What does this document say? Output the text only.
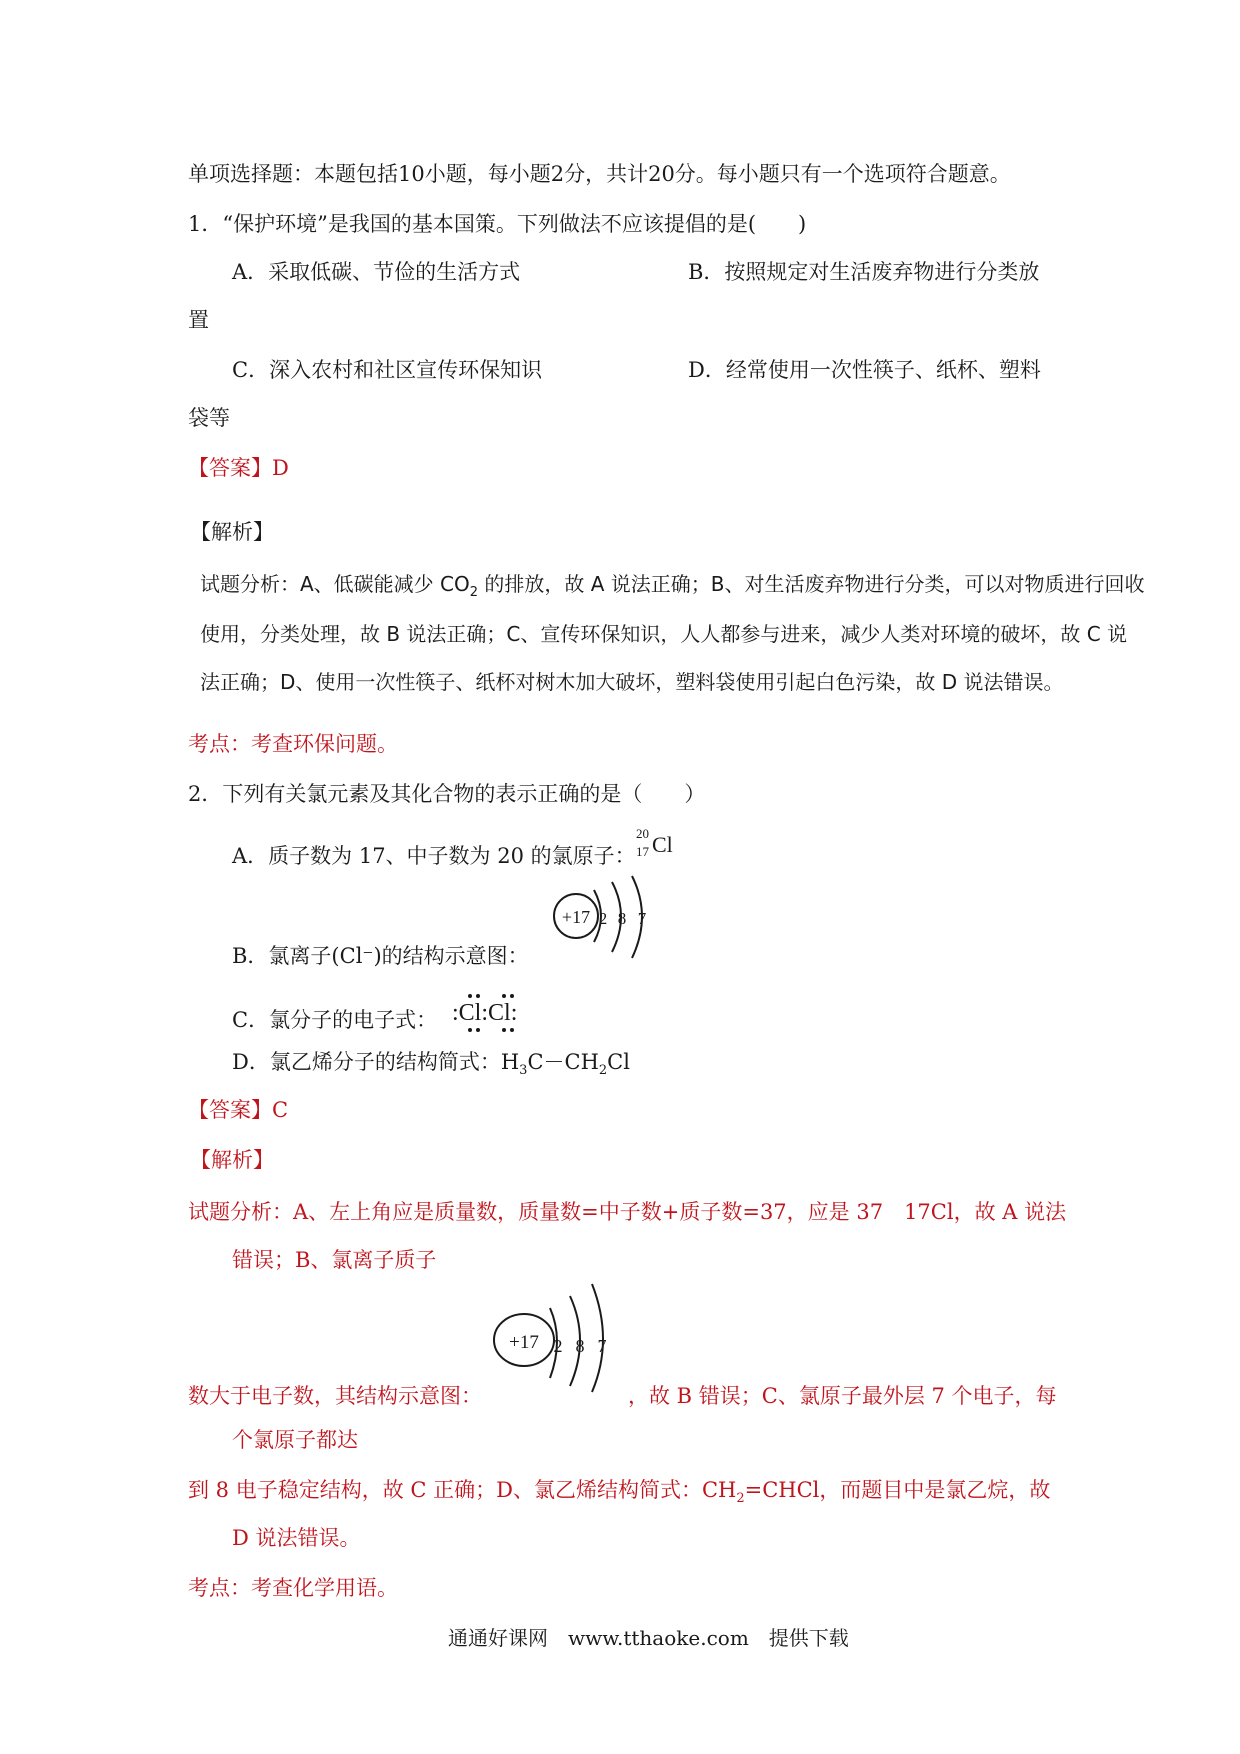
单项选择题：本题包括10小题，每小题2分，共计20分。每小题只有一个选项符合题意。
1．“保护环境”是我国的基本国策。下列做法不应该提倡的是(　　)
A．采取低碳、节俭的生活方式	B．按照规定对生活废弃物进行分类放
置
C．深入农村和社区宣传环保知识	D．经常使用一次性筷子、纸杯、塑料
袋等
【答案】D
【解析】
试题分析：A、低碳能减少 $CO_2$ 的排放，故 A 说法正确；B、对生活废弃物进行分类，可以对物质进行回收
使用，分类处理，故 B 说法正确；C、宣传环保知识，人人都参与进来，减少人类对环境的破坏，故 C 说
法正确；D、使用一次性筷子、纸杯对树木加大破坏，塑料袋使用引起白色污染，故 D 说法错误。
考点：考查环保问题。
2．下列有关氯元素及其化合物的表示正确的是（　　）
A．质子数为 17、中子数为 20 的氯原子：
20
17 Cl
+17 2 8 7
B．氯离子(Cl⁻)的结构示意图：
C．氯分子的电子式： :Cl:Cl:
D．氯乙烯分子的结构简式：$H_3C-CH_2Cl$
【答案】C
【解析】
试题分析：A、左上角应是质量数，质量数=中子数+质子数=37，应是 37　17Cl，故 A 说法
错误；B、氯离子质子
+17 2 8 7
数大于电子数，其结构示意图：	，故 B 错误；C、氯原子最外层 7 个电子，每
个氯原子都达
到 8 电子稳定结构，故 C 正确；D、氯乙烯结构简式：$CH_2=CHCl$，而题目中是氯乙烷，故
D 说法错误。
考点：考查化学用语。
通通好课网　www.tthaoke.com　提供下载
